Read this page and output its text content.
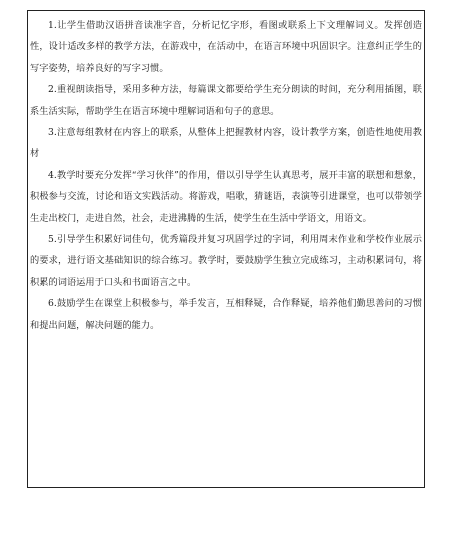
1.让学生借助汉语拼音读准字音，分析记忆字形，看图或联系上下文理解词义。发挥创造性，设计适改多样的教学方法，在游戏中，在活动中，在语言环境中巩固识字。注意纠正学生的写字姿势，培养良好的写字习惯。

2.重视朗读指导，采用多种方法，每篇课文都要给学生充分朗读的时间，充分利用插图，联系生活实际，帮助学生在语言环境中理解词语和句子的意思。

3.注意每组教材在内容上的联系，从整体上把握教材内容，设计教学方案，创造性地使用教材

4.教学时要充分发挥“学习伙伴”的作用，借以引导学生认真思考，展开丰富的联想和想象，积极参与交流，讨论和语文实践活动。将游戏，唱歌，猜谜语，表演等引进课堂，也可以带领学生走出校门，走进自然，社会，走进沸腾的生活，使学生在生活中学语文，用语文。

5.引导学生积累好词佳句，优秀篇段并复习巩固学过的字词，利用周末作业和学校作业展示的要求，进行语文基础知识的综合练习。教学时，要鼓励学生独立完成练习，主动积累词句，将积累的词语运用于口头和书面语言之中。

6.鼓励学生在课堂上积极参与，举手发言，互相释疑，合作释疑，培养他们勤思善问的习惯和提出问题，解决问题的能力。
